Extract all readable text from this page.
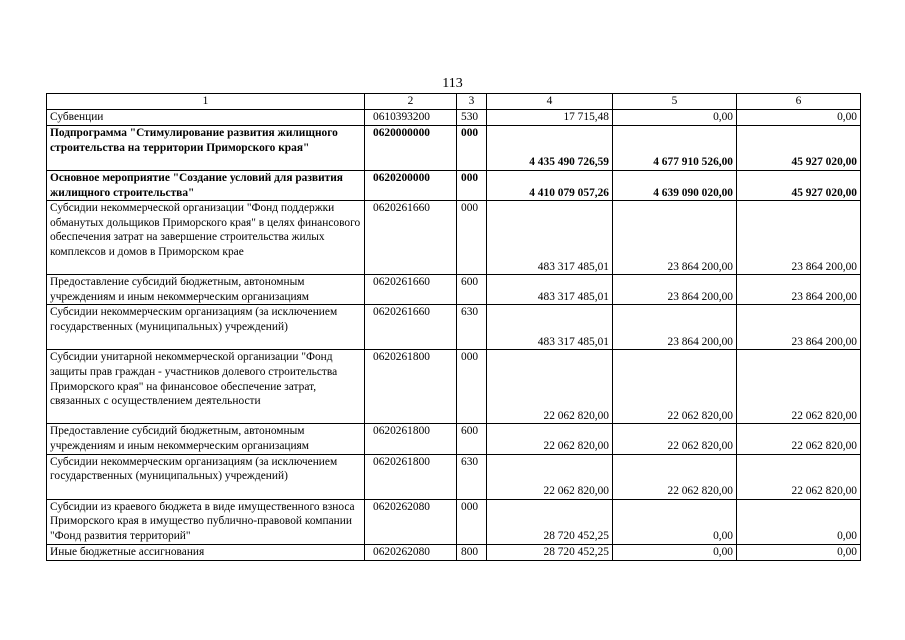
113
1	2	3	4	5	6
Субвенции	0610393200	530	17 715,48	0,00	0,00
Подпрограмма "Стимулирование развития жилищного строительства на территории Приморского края"	0620000000	000	4 435 490 726,59	4 677 910 526,00	45 927 020,00
Основное мероприятие "Создание условий для развития жилищного строительства"	0620200000	000	4 410 079 057,26	4 639 090 020,00	45 927 020,00
Субсидии некоммерческой организации "Фонд поддержки обманутых дольщиков Приморского края" в целях финансового обеспечения затрат на завершение строительства жилых комплексов и домов в Приморском крае	0620261660	000	483 317 485,01	23 864 200,00	23 864 200,00
Предоставление субсидий бюджетным, автономным учреждениям и иным некоммерческим организациям	0620261660	600	483 317 485,01	23 864 200,00	23 864 200,00
Субсидии некоммерческим организациям (за исключением государственных (муниципальных) учреждений)	0620261660	630	483 317 485,01	23 864 200,00	23 864 200,00
Субсидии унитарной некоммерческой организации "Фонд защиты прав граждан - участников долевого строительства Приморского края" на финансовое обеспечение затрат, связанных с осуществлением деятельности	0620261800	000	22 062 820,00	22 062 820,00	22 062 820,00
Предоставление субсидий бюджетным, автономным учреждениям и иным некоммерческим организациям	0620261800	600	22 062 820,00	22 062 820,00	22 062 820,00
Субсидии некоммерческим организациям (за исключением государственных (муниципальных) учреждений)	0620261800	630	22 062 820,00	22 062 820,00	22 062 820,00
Субсидии из краевого бюджета в виде имущественного взноса Приморского края в имущество публично-правовой компании "Фонд развития территорий"	0620262080	000	28 720 452,25	0,00	0,00
Иные бюджетные ассигнования	0620262080	800	28 720 452,25	0,00	0,00
